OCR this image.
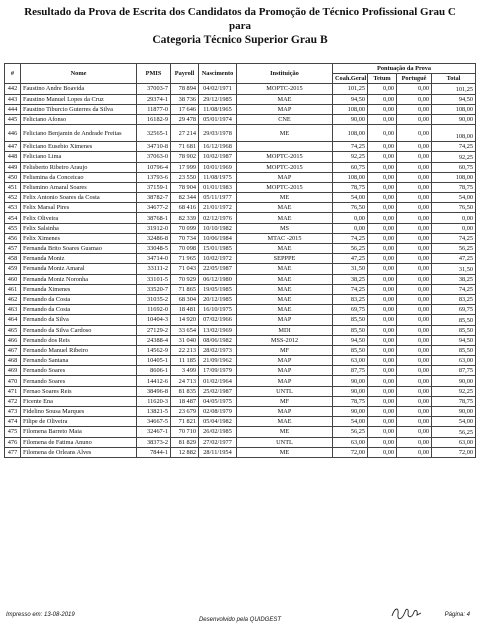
Resultado da Prova de Escrita dos Candidatos da Promoção de Técnico Profissional Grau C
para
Categoria Técnico Superior Grau B
#	Nome	PMIS	Payroll	Nascimento	Instituição	Pontuação da Prova			
						Coah.Geral	Tetum	Portuguê	Total
442	Faustino Andre Boavida	37003-7	78 894	04/02/1971	MOPTC-2015	101,25	0,00	0,00	101,25
443	Faustino Manuel Lopes da Cruz	29374-1	38 736	29/12/1985	MAE	94,50	0,00	0,00	94,50
444	Faustino Tiburcio Guterres da Silva	11877-0	17 646	11/08/1965	MAP	108,00	0,00	0,00	108,00
445	Feliciano Afonso	16182-9	29 478	05/01/1974	CNE	90,00	0,00	0,00	90,00
446	Feliciano Benjamin de Andrade Freitas	32565-1	27 214	29/03/1978	ME	108,00	0,00	0,00	108,00
447	Feliciano Eusebio Ximenes	34710-8	71 681	16/12/1968		74,25	0,00	0,00	74,25
448	Feliciano Lima	37063-0	78 902	10/02/1987	MOPTC-2015	92,25	0,00	0,00	92,25
449	Felisberto Ribeiro Araujo	10796-4	17 999	10/01/1969	MOPTC-2015	60,75	0,00	0,00	60,75
450	Felismina da Conceicao	13793-6	23 550	11/08/1975	MAP	108,00	0,00	0,00	108,00
451	Felismino Amaral Soares	37159-1	78 904	01/01/1983	MOPTC-2015	78,75	0,00	0,00	78,75
452	Felix Antonio Soares da Costa	38782-7	82 344	05/11/1977	ME	54,00	0,00	0,00	54,00
453	Felix Marsal Pires	34677-2	68 416	21/01/1972	MAE	76,50	0,00	0,00	76,50
454	Felix Oliveira	38768-1	82 339	02/12/1976	MAE	0,00	0,00	0,00	0,00
455	Felix Salsinha	31912-0	70 099	10/10/1982	MS	0,00	0,00	0,00	0,00
456	Felix Ximenes	32486-8	70 734	10/06/1984	MTAC -2015	74,25	0,00	0,00	74,25
457	Fernanda Brito Soares Gusmao	33048-5	70 098	15/01/1985	MAE	56,25	0,00	0,00	56,25
458	Fernanda Moniz	34714-0	71 965	10/02/1972	SEPPPE	47,25	0,00	0,00	47,25
459	Fernanda Moniz Amaral	33111-2	71 043	22/05/1987	MAE	31,50	0,00	0,00	31,50
460	Fernanda Moniz Noronha	33101-5	70 929	06/12/1980	MAE	38,25	0,00	0,00	38,25
461	Fernanda Ximenes	33520-7	71 865	19/05/1985	MAE	74,25	0,00	0,00	74,25
462	Fernando da Costa	31035-2	68 304	20/12/1985	MAE	83,25	0,00	0,00	83,25
463	Fernando da Costa	11692-0	18 481	16/10/1975	MAE	69,75	0,00	0,00	69,75
464	Fernando da Silva	10404-3	14 920	07/02/1966	MAP	85,50	0,00	0,00	85,50
465	Fernando da Silva Cardoso	27129-2	33 654	13/02/1969	MDI	85,50	0,00	0,00	85,50
466	Fernando dos Reis	24388-4	31 040	08/06/1982	MSS-2012	94,50	0,00	0,00	94,50
467	Fernando Manuel Ribeiro	14562-9	22 213	28/02/1973	MF	85,50	0,00	0,00	85,50
468	Fernando Santana	10405-1	11 185	21/09/1962	MAP	63,00	0,00	0,00	63,00
469	Fernando Soares	8606-1	3 499	17/09/1979	MAP	87,75	0,00	0,00	87,75
470	Fernando Soares	14412-6	24 713	01/02/1964	MAP	90,00	0,00	0,00	90,00
471	Fernao Soares Reis	38496-8	81 835	25/02/1987	UNTL	90,00	0,00	0,00	92,25
472	Ficente Ena	11620-3	18 487	04/05/1975	MF	78,75	0,00	0,00	78,75
473	Fidelino Sousa Marques	13821-5	23 679	02/08/1979	MAP	90,00	0,00	0,00	90,00
474	Filipe de Oliveira	34667-5	71 821	05/04/1982	MAE	54,00	0,00	0,00	54,00
475	Filomena Barreto Maia	32467-1	70 710	26/02/1985	ME	56,25	0,00	0,00	56,25
476	Filomena de Fatima Anuno	38373-2	81 829	27/02/1977	UNTL	63,00	0,00	0,00	63,00
477	Filomena de Orleans Alves	7844-1	12 882	28/11/1954	ME	72,00	0,00	0,00	72,00
Impresso em: 13-08-2019
Desenvolvido pela QUIDGEST
Página: 4
